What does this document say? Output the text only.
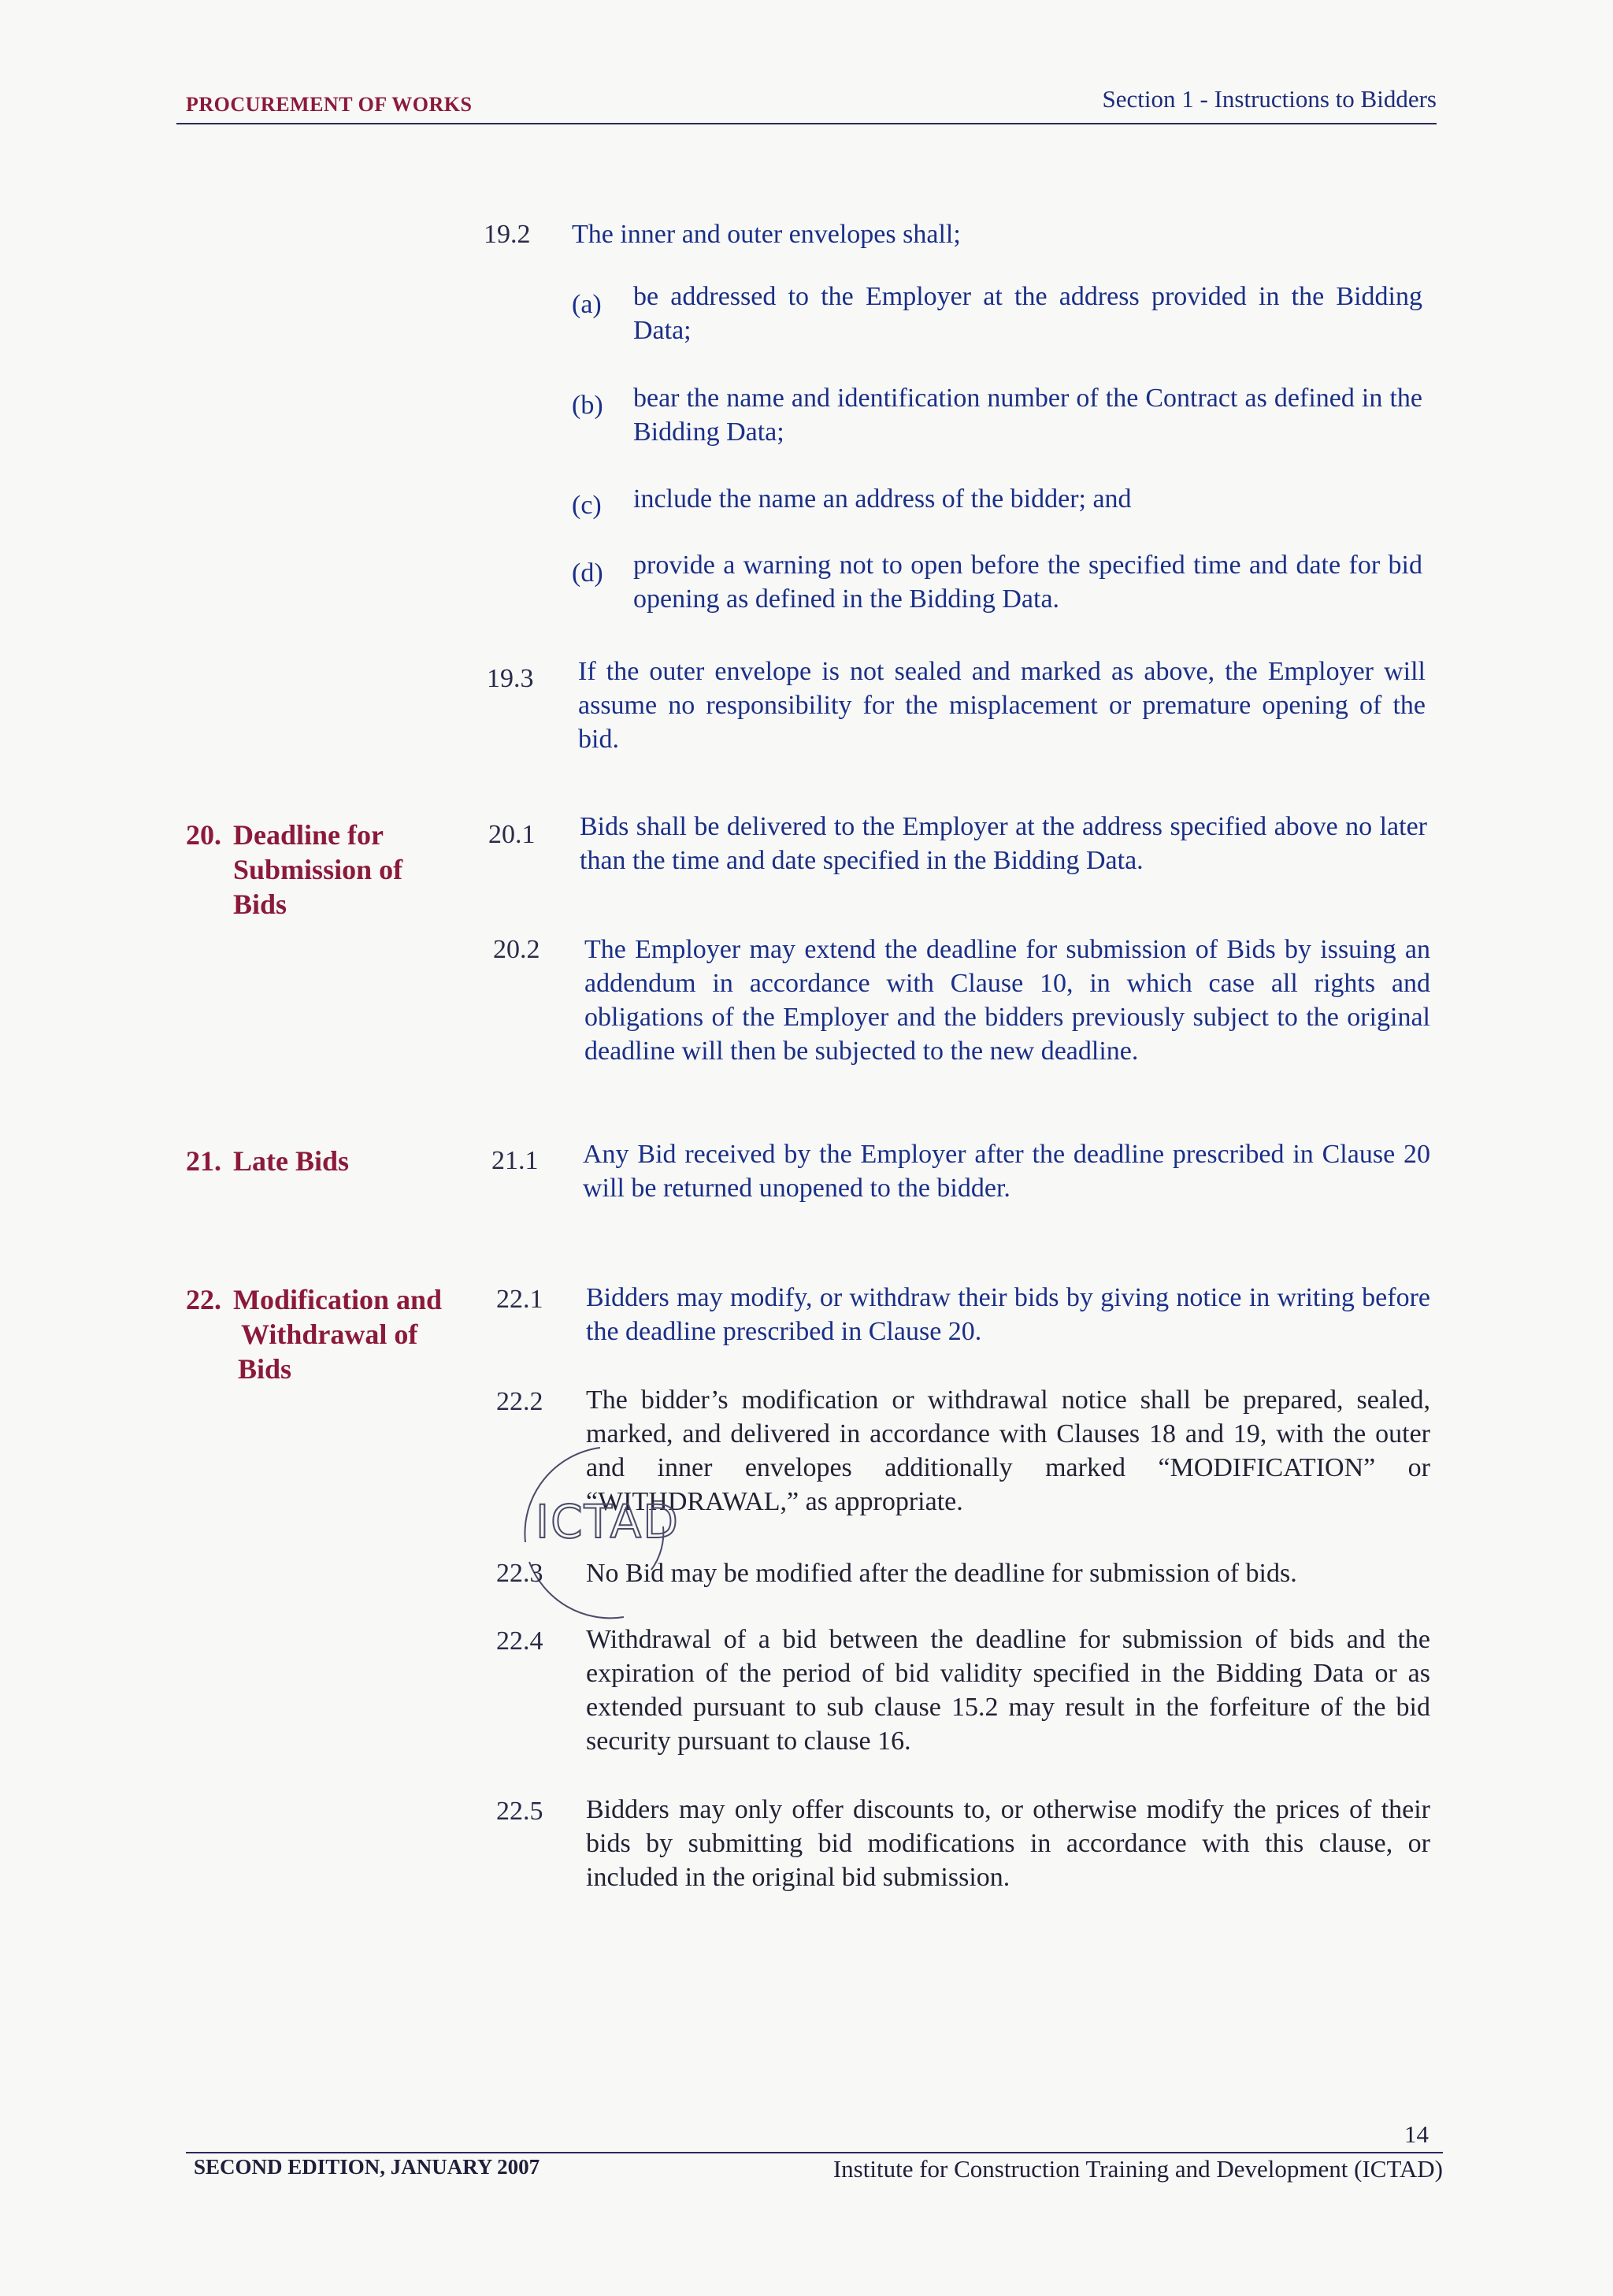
PROCUREMENT OF WORKS	Section 1 - Instructions to Bidders
19.2 The inner and outer envelopes shall;
(a) be addressed to the Employer at the address provided in the Bidding Data;
(b) bear the name and identification number of the Contract as defined in the Bidding Data;
(c) include the name an address of the bidder; and
(d) provide a warning not to open before the specified time and date for bid opening as defined in the Bidding Data.
19.3 If the outer envelope is not sealed and marked as above, the Employer will assume no responsibility for the misplacement or premature opening of the bid.
20. Deadline for
Submission of
Bids
20.1 Bids shall be delivered to the Employer at the address specified above no later than the time and date specified in the Bidding Data.
20.2 The Employer may extend the deadline for submission of Bids by issuing an addendum in accordance with Clause 10, in which case all rights and obligations of the Employer and the bidders previously subject to the original deadline will then be subjected to the new deadline.
21. Late Bids	21.1 Any Bid received by the Employer after the deadline prescribed in Clause 20 will be returned unopened to the bidder.
22. Modification and
Withdrawal of
Bids
22.1 Bidders may modify, or withdraw their bids by giving notice in writing before the deadline prescribed in Clause 20.
22.2 The bidder’s modification or withdrawal notice shall be prepared, sealed, marked, and delivered in accordance with Clauses 18 and 19, with the outer and inner envelopes additionally marked “MODIFICATION” or “WITHDRAWAL,” as appropriate.
ICTAD
22.3 No Bid may be modified after the deadline for submission of bids.
22.4 Withdrawal of a bid between the deadline for submission of bids and the expiration of the period of bid validity specified in the Bidding Data or as extended pursuant to sub clause 15.2 may result in the forfeiture of the bid security pursuant to clause 16.
22.5 Bidders may only offer discounts to, or otherwise modify the prices of their bids by submitting bid modifications in accordance with this clause, or included in the original bid submission.
14
SECOND EDITION, JANUARY 2007	Institute for Construction Training and Development (ICTAD)
